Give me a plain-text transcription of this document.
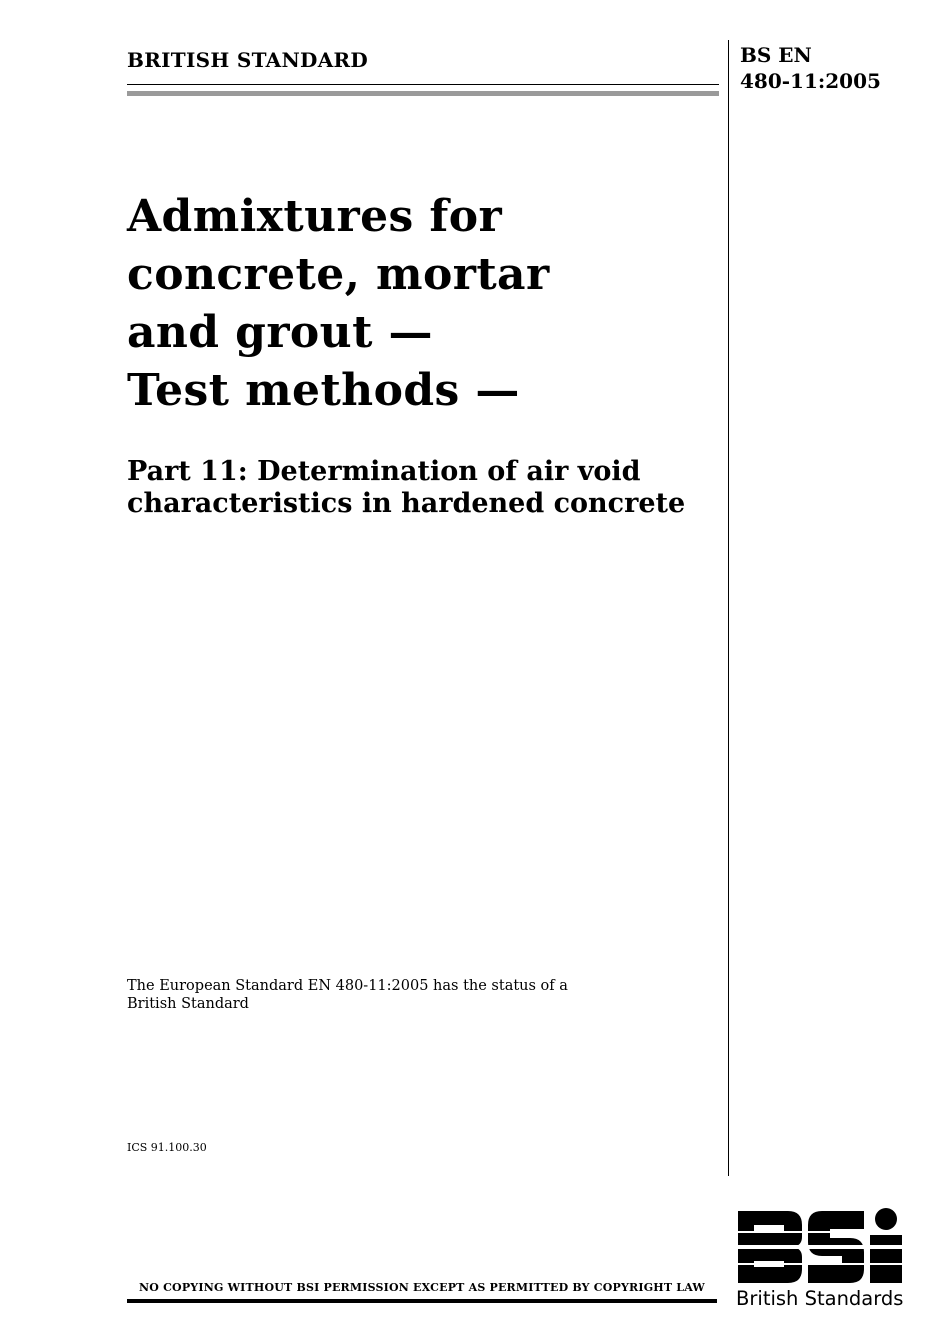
BRITISH STANDARD	BS EN
480-11:2005
Admixtures for
concrete, mortar
and grout —
Test methods —
Part 11: Determination of air void
characteristics in hardened concrete
The European Standard EN 480-11:2005 has the status of a
British Standard
ICS 91.100.30
NO COPYING WITHOUT BSI PERMISSION EXCEPT AS PERMITTED BY COPYRIGHT LAW	British Standards
